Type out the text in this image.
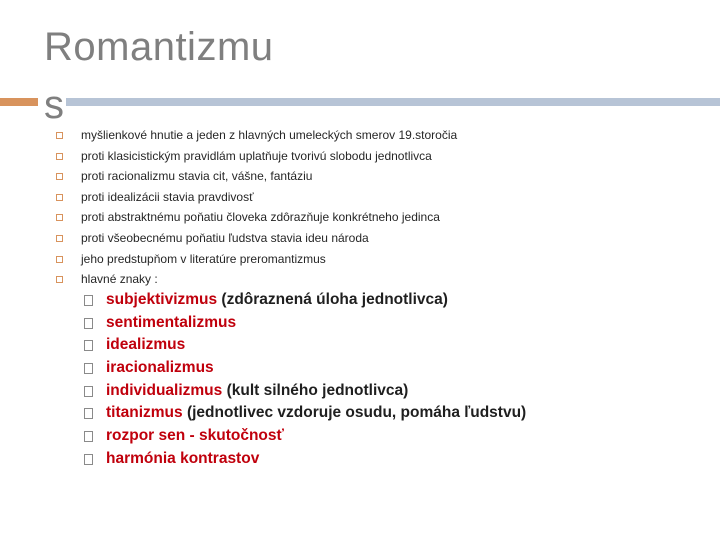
Romantizmu s
myšlienkové hnutie a jeden z hlavných umeleckých smerov 19.storočia
proti klasicistickým pravidlám uplatňuje tvorivú slobodu jednotlivca
proti racionalizmu stavia cit, vášne, fantáziu
proti idealizácii stavia pravdivosť
proti abstraktnému poňatiu človeka zdôrazňuje konkrétneho jedinca
proti všeobecnému poňatiu ľudstva stavia ideu národa
jeho predstupňom v literatúre preromantizmus
hlavné znaky :
subjektivizmus (zdôraznená úloha jednotlivca)
sentimentalizmus
idealizmus
iracionalizmus
individualizmus (kult silného jednotlivca)
titanizmus (jednotlivec vzdoruje osudu, pomáha ľudstvu)
rozpor sen - skutočnosť
harmónia kontrastov
